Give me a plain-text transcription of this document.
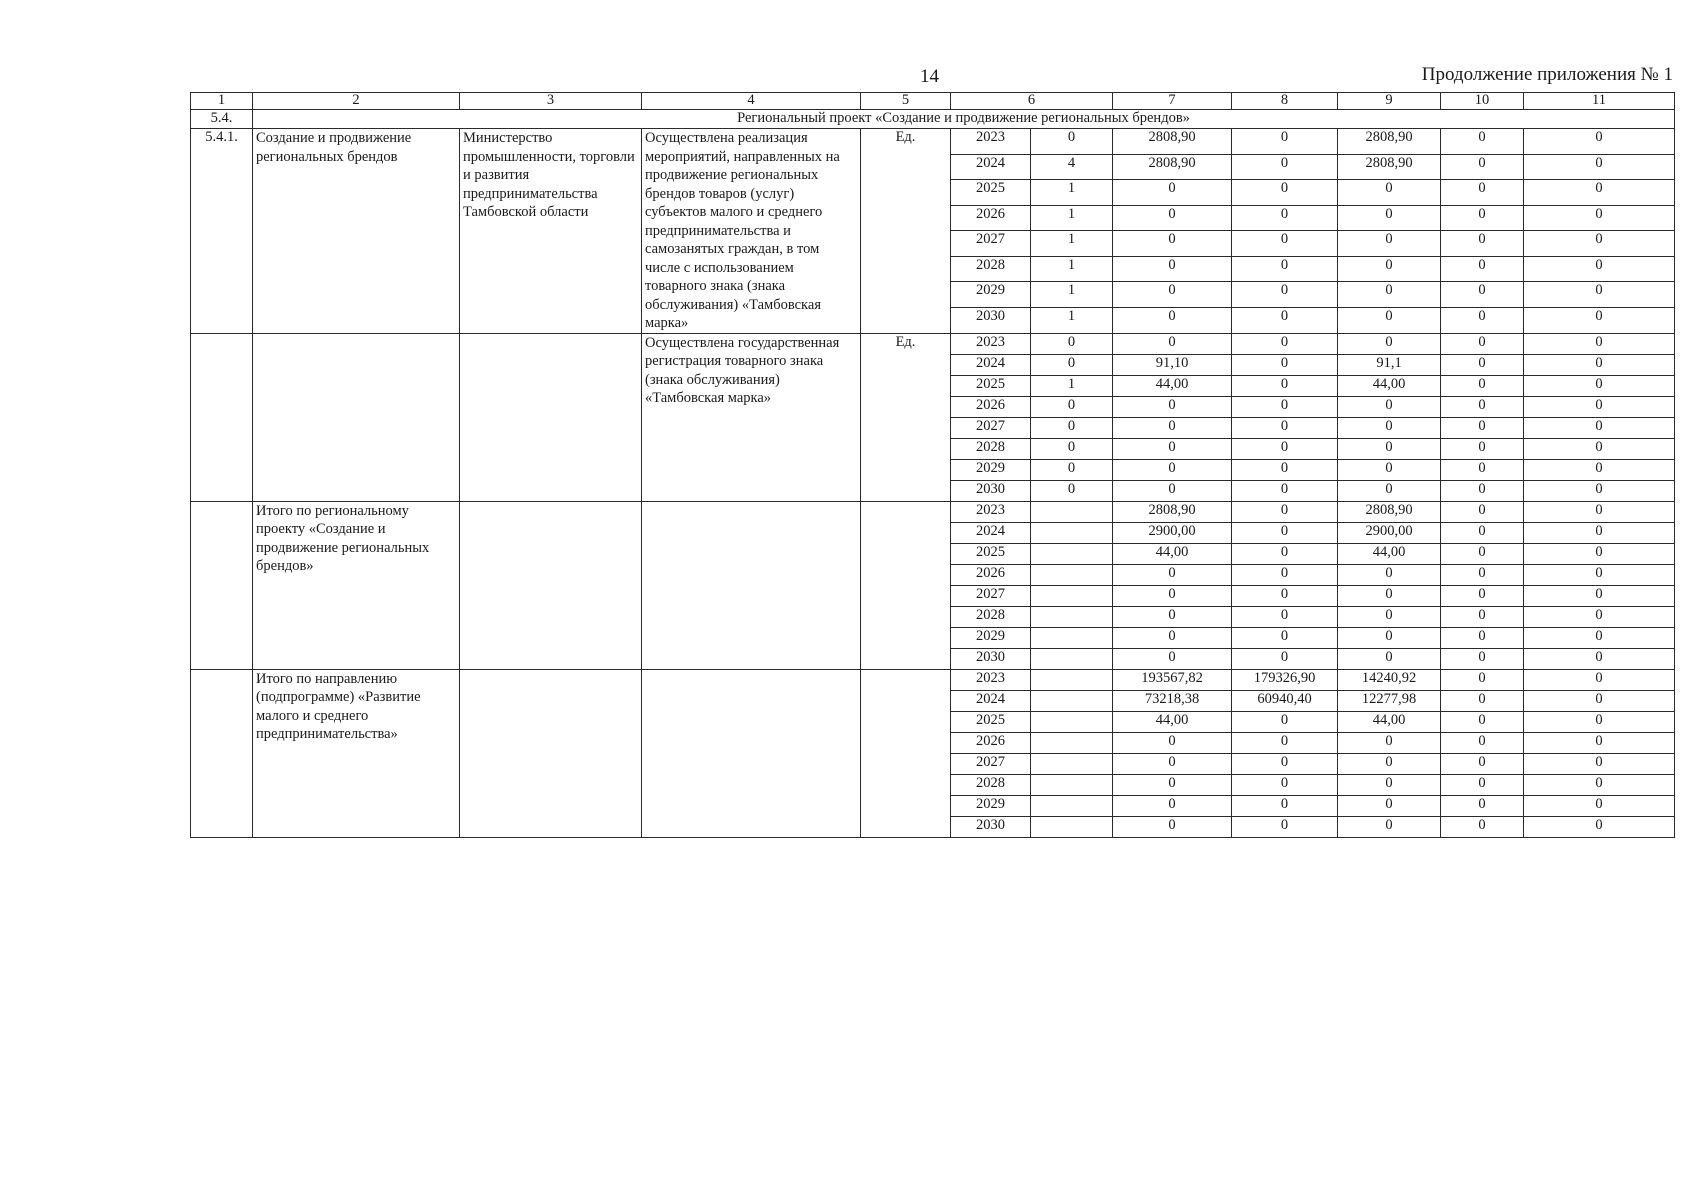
14	Продолжение приложения № 1
1	2	3	4	5	6		7	8	9	10	11
5.4.	Региональный проект «Создание и продвижение региональных брендов»										
5.4.1.	Создание и продвижение региональных брендов	Министерство промышленности, торговли и развития предпринимательства Тамбовской области	Осуществлена реализация мероприятий, направленных на продвижение региональных брендов товаров (услуг) субъектов малого и среднего предпринимательства и самозанятых граждан, в том числе с использованием товарного знака (знака обслуживания) «Тамбовская марка»	Ед.	2023	0	2808,90	0	2808,90	0	0
					2024	4	2808,90	0	2808,90	0	0
					2025	1	0	0	0	0	0
					2026	1	0	0	0	0	0
					2027	1	0	0	0	0	0
					2028	1	0	0	0	0	0
					2029	1	0	0	0	0	0
					2030	1	0	0	0	0	0
			Осуществлена государственная регистрация товарного знака (знака обслуживания) «Тамбовская марка»	Ед.	2023	0	0	0	0	0	0
					2024	0	91,10	0	91,1	0	0
					2025	1	44,00	0	44,00	0	0
					2026	0	0	0	0	0	0
					2027	0	0	0	0	0	0
					2028	0	0	0	0	0	0
					2029	0	0	0	0	0	0
					2030	0	0	0	0	0	0
	Итого по региональному проекту «Создание и продвижение региональных брендов»				2023		2808,90	0	2808,90	0	0
					2024		2900,00	0	2900,00	0	0
					2025		44,00	0	44,00	0	0
					2026		0	0	0	0	0
					2027		0	0	0	0	0
					2028		0	0	0	0	0
					2029		0	0	0	0	0
					2030		0	0	0	0	0
	Итого по направлению (подпрограмме) «Развитие малого и среднего предпринимательства»				2023		193567,82	179326,90	14240,92	0	0
					2024		73218,38	60940,40	12277,98	0	0
					2025		44,00	0	44,00	0	0
					2026		0	0	0	0	0
					2027		0	0	0	0	0
					2028		0	0	0	0	0
					2029		0	0	0	0	0
					2030		0	0	0	0	0
